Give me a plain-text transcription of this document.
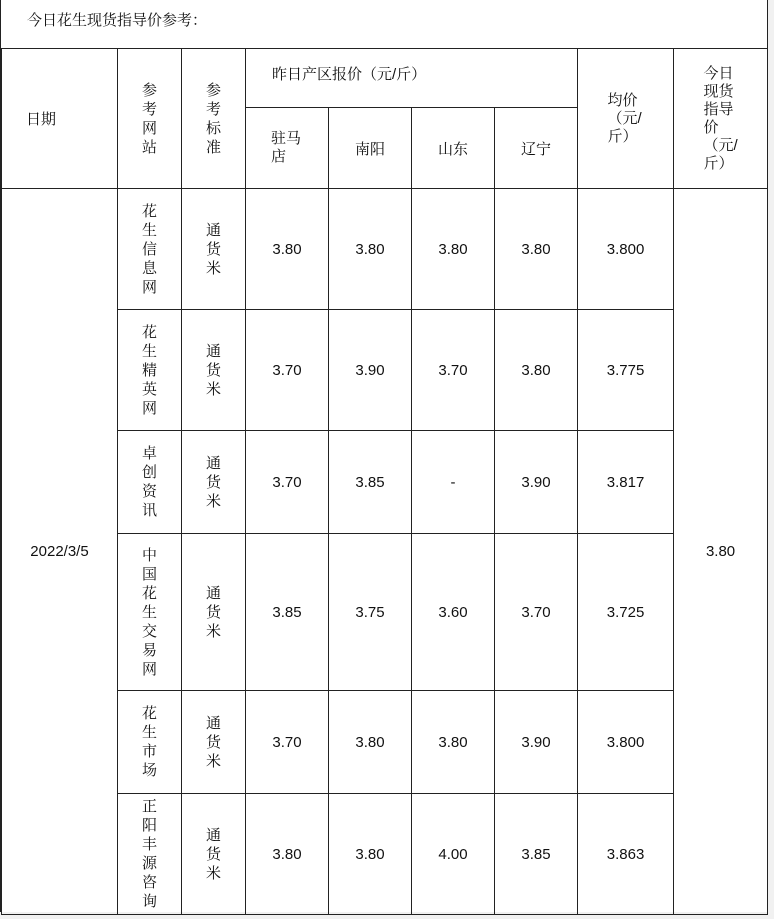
今日花生现货指导价参考：
日期	参考网站	参考标准	昨日产区报价（元/斤）				均价（元/斤）	今日现货指导价（元/斤）
			驻马店	南阳	山东	辽宁		
2022/3/5	花生信息网	通货米	3.80	3.80	3.80	3.80	3.800	3.80
	花生精英网	通货米	3.70	3.90	3.70	3.80	3.775	
	卓创资讯	通货米	3.70	3.85	-	3.90	3.817	
	中国花生交易网	通货米	3.85	3.75	3.60	3.70	3.725	
	花生市场	通货米	3.70	3.80	3.80	3.90	3.800	
	正阳丰源咨询	通货米	3.80	3.80	4.00	3.85	3.863	
